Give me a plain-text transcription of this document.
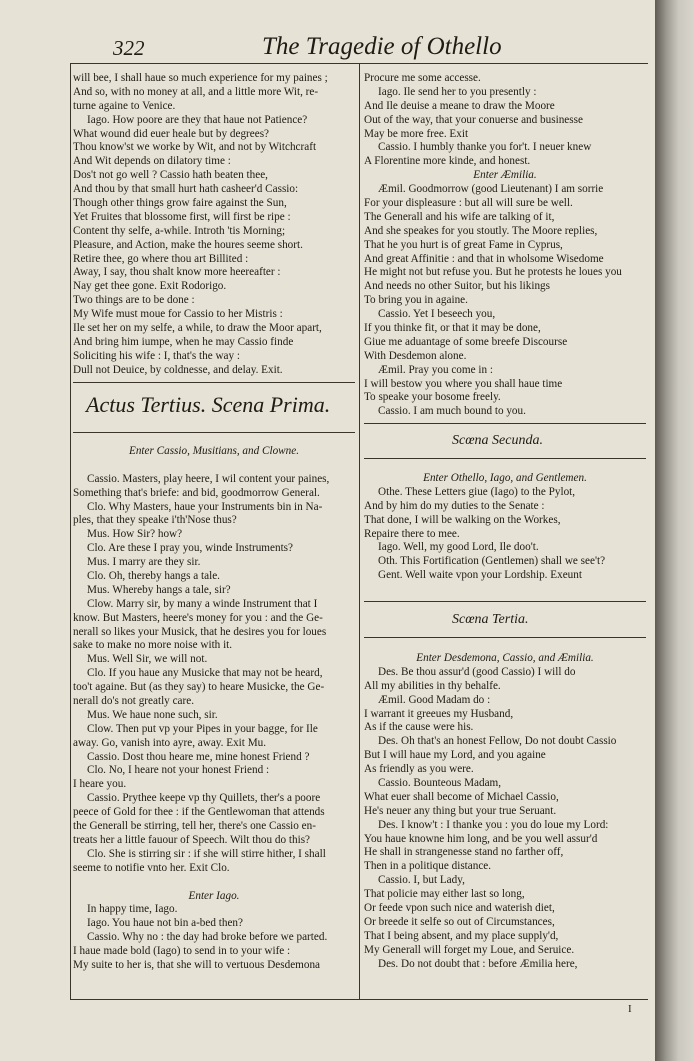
322	The Tragedie of Othello
will bee, I shall haue so much experience for my paines ;
And so, with no money at all, and a little more Wit, re-
turne againe to Venice.
Iago. How poore are they that haue not Patience?
What wound did euer heale but by degrees?
Thou know'st we worke by Wit, and not by Witchcraft
And Wit depends on dilatory time :
Dos't not go well ? Cassio hath beaten thee,
And thou by that small hurt hath casheer'd Cassio:
Though other things grow faire against the Sun,
Yet Fruites that blossome first, will first be ripe :
Content thy selfe, a-while. Introth 'tis Morning;
Pleasure, and Action, make the houres seeme short.
Retire thee, go where thou art Billited :
Away, I say, thou shalt know more heereafter :
Nay get thee gone. Exit Rodorigo.
Two things are to be done :
My Wife must moue for Cassio to her Mistris :
Ile set her on my selfe, a while, to draw the Moor apart,
And bring him iumpe, when he may Cassio finde
Soliciting his wife : I, that's the way :
Dull not Deuice, by coldnesse, and delay. Exit.
Actus Tertius. Scena Prima.
Enter Cassio, Musitians, and Clowne.
Cassio. Masters, play heere, I wil content your paines,
Something that's briefe: and bid, goodmorrow General.
Clo. Why Masters, haue your Instruments bin in Na-
ples, that they speake i'th'Nose thus?
Mus. How Sir? how?
Clo. Are these I pray you, winde Instruments?
Mus. I marry are they sir.
Clo. Oh, thereby hangs a tale.
Mus. Whereby hangs a tale, sir?
Clow. Marry sir, by many a winde Instrument that I
know. But Masters, heere's money for you : and the Ge-
nerall so likes your Musick, that he desires you for loues
sake to make no more noise with it.
Mus. Well Sir, we will not.
Clo. If you haue any Musicke that may not be heard,
too't againe. But (as they say) to heare Musicke, the Ge-
nerall do's not greatly care.
Mus. We haue none such, sir.
Clow. Then put vp your Pipes in your bagge, for Ile
away. Go, vanish into ayre, away. Exit Mu.
Cassio. Dost thou heare me, mine honest Friend ?
Clo. No, I heare not your honest Friend :
I heare you.
Cassio. Prythee keepe vp thy Quillets, ther's a poore
peece of Gold for thee : if the Gentlewoman that attends
the Generall be stirring, tell her, there's one Cassio en-
treats her a little fauour of Speech. Wilt thou do this?
Clo. She is stirring sir : if she will stirre hither, I shall
seeme to notifie vnto her. Exit Clo.
Enter Iago.
In happy time, Iago.
Iago. You haue not bin a-bed then?
Cassio. Why no : the day had broke before we parted.
I haue made bold (Iago) to send in to your wife :
My suite to her is, that she will to vertuous Desdemona
Procure me some accesse.
Iago. Ile send her to you presently :
And Ile deuise a meane to draw the Moore
Out of the way, that your conuerse and businesse
May be more free. Exit
Cassio. I humbly thanke you for't. I neuer knew
A Florentine more kinde, and honest.
Enter Æmilia.
Æmil. Goodmorrow (good Lieutenant) I am sorrie
For your displeasure : but all will sure be well.
The Generall and his wife are talking of it,
And she speakes for you stoutly. The Moore replies,
That he you hurt is of great Fame in Cyprus,
And great Affinitie : and that in wholsome Wisedome
He might not but refuse you. But he protests he loues you
And needs no other Suitor, but his likings
To bring you in againe.
Cassio. Yet I beseech you,
If you thinke fit, or that it may be done,
Giue me aduantage of some breefe Discourse
With Desdemon alone.
Æmil. Pray you come in :
I will bestow you where you shall haue time
To speake your bosome freely.
Cassio. I am much bound to you.
Scœna Secunda.
Enter Othello, Iago, and Gentlemen.
Othe. These Letters giue (Iago) to the Pylot,
And by him do my duties to the Senate :
That done, I will be walking on the Workes,
Repaire there to mee.
Iago. Well, my good Lord, Ile doo't.
Oth. This Fortification (Gentlemen) shall we see't?
Gent. Well waite vpon your Lordship. Exeunt
Scœna Tertia.
Enter Desdemona, Cassio, and Æmilia.
Des. Be thou assur'd (good Cassio) I will do
All my abilities in thy behalfe.
Æmil. Good Madam do :
I warrant it greeues my Husband,
As if the cause were his.
Des. Oh that's an honest Fellow, Do not doubt Cassio
But I will haue my Lord, and you againe
As friendly as you were.
Cassio. Bounteous Madam,
What euer shall become of Michael Cassio,
He's neuer any thing but your true Seruant.
Des. I know't : I thanke you : you do loue my Lord:
You haue knowne him long, and be you well assur'd
He shall in strangenesse stand no farther off,
Then in a politique distance.
Cassio. I, but Lady,
That policie may either last so long,
Or feede vpon such nice and waterish diet,
Or breede it selfe so out of Circumstances,
That I being absent, and my place supply'd,
My Generall will forget my Loue, and Seruice.
Des. Do not doubt that : before Æmilia here,
I
